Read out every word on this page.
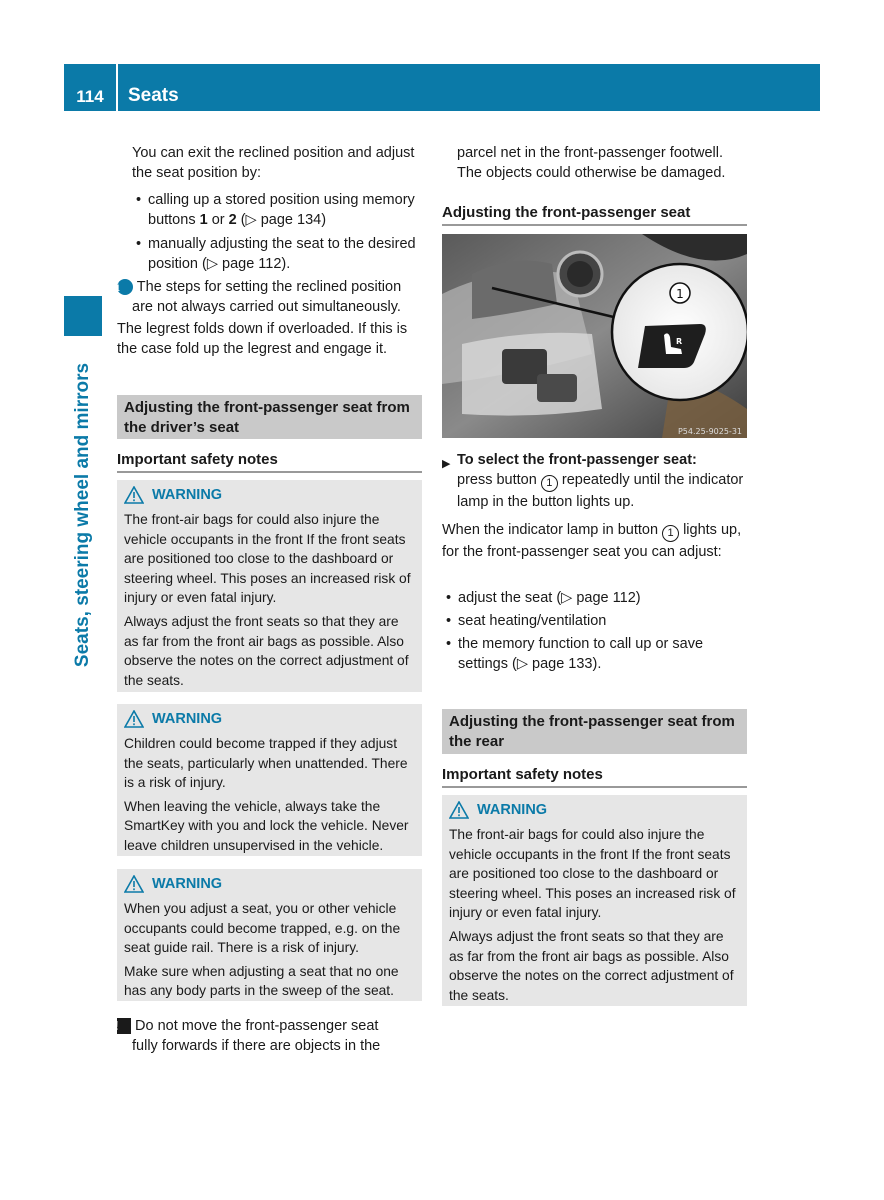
114	Seats
Seats, steering wheel and mirrors

You can exit the reclined position and adjust the seat position by:

• calling up a stored position using memory buttons 1 or 2 (▷ page 134)

• manually adjusting the seat to the desired position (▷ page 112).

i The steps for setting the reclined position are not always carried out simultaneously.

The legrest folds down if overloaded. If this is the case fold up the legrest and engage it.

Adjusting the front-passenger seat from the driver’s seat
Important safety notes
WARNING

The front-air bags for could also injure the vehicle occupants in the front If the front seats are positioned too close to the dashboard or steering wheel. This poses an increased risk of injury or even fatal injury.

Always adjust the front seats so that they are as far from the front air bags as possible. Also observe the notes on the correct adjustment of the seats.

WARNING

Children could become trapped if they adjust the seats, particularly when unattended. There is a risk of injury.

When leaving the vehicle, always take the SmartKey with you and lock the vehicle. Never leave children unsupervised in the vehicle.

WARNING

When you adjust a seat, you or other vehicle occupants could become trapped, e.g. on the seat guide rail. There is a risk of injury.

Make sure when adjusting a seat that no one has any body parts in the sweep of the seat.

! Do not move the front-passenger seat fully forwards if there are objects in the

parcel net in the front-passenger footwell. The objects could otherwise be damaged.

Adjusting the front-passenger seat
R
1
P54.25-9025-31

▶ To select the front-passenger seat:
press button 1 repeatedly until the indicator lamp in the button lights up.

When the indicator lamp in button 1 lights up, for the front-passenger seat you can adjust:

• adjust the seat (▷ page 112)

• seat heating/ventilation

• the memory function to call up or save settings (▷ page 133).

Adjusting the front-passenger seat from the rear
Important safety notes
WARNING

The front-air bags for could also injure the vehicle occupants in the front If the front seats are positioned too close to the dashboard or steering wheel. This poses an increased risk of injury or even fatal injury.

Always adjust the front seats so that they are as far from the front air bags as possible. Also observe the notes on the correct adjustment of the seats.
